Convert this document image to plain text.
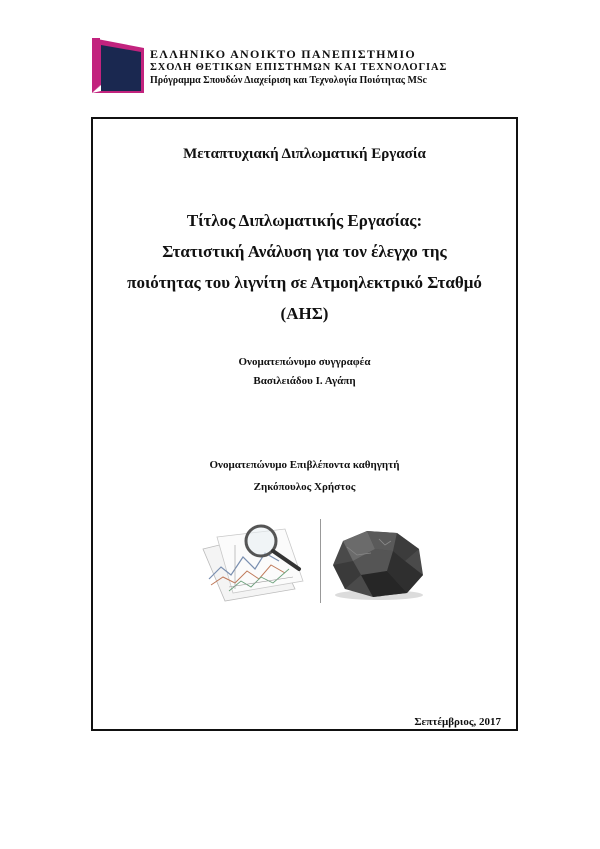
ΕΛΛΗΝΙΚΟ ΑΝΟΙΚΤΟ ΠΑΝΕΠΙΣΤΗΜΙΟ
ΣΧΟΛΗ ΘΕΤΙΚΩΝ ΕΠΙΣΤΗΜΩΝ ΚΑΙ ΤΕΧΝΟΛΟΓΙΑΣ
Πρόγραμμα Σπουδών Διαχείριση και Τεχνολογία Ποιότητας MSc
Μεταπτυχιακή Διπλωματική Εργασία
Τίτλος Διπλωματικής Εργασίας:
Στατιστική Ανάλυση για τον έλεγχο της
ποιότητας του λιγνίτη σε Ατμοηλεκτρικό Σταθμό
(ΑΗΣ)
Ονοματεπώνυμο συγγραφέα
Βασιλειάδου Ι. Αγάπη
Ονοματεπώνυμο Επιβλέποντα καθηγητή
Ζηκόπουλος Χρήστος
Σεπτέμβριος, 2017
